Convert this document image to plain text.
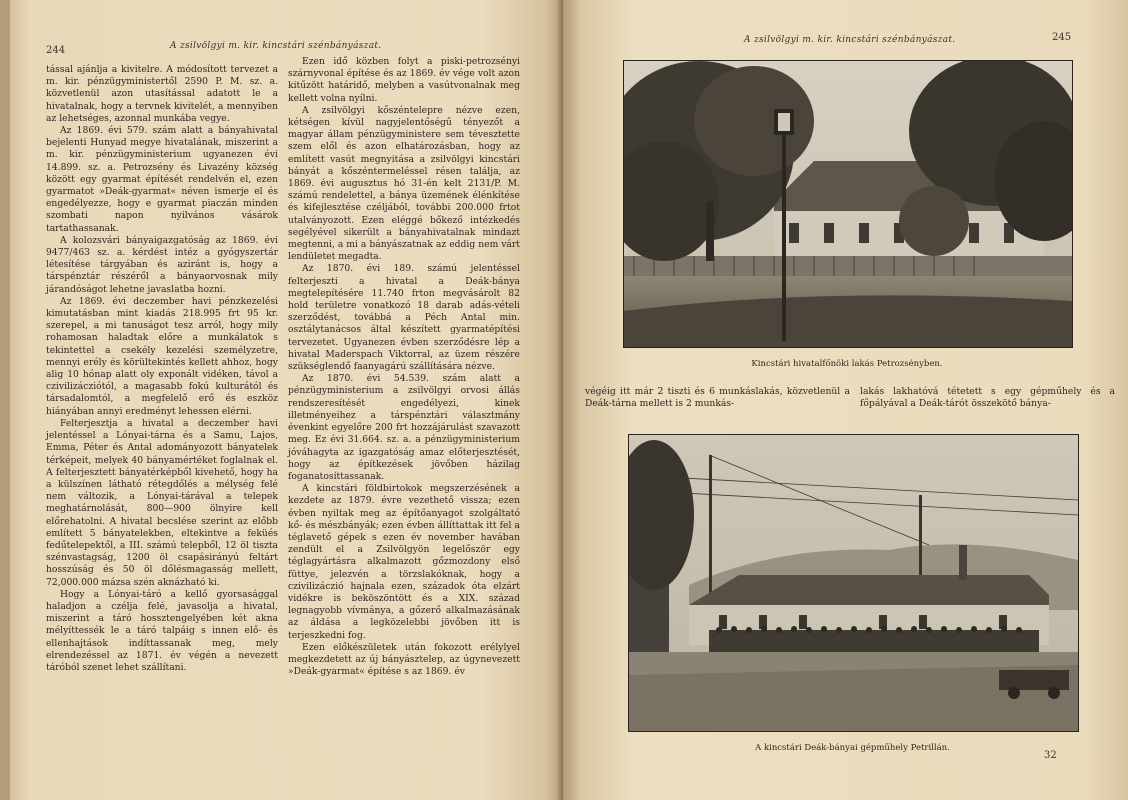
244	A zsilvölgyi m. kir. kincstári szénbányászat.

tással ajánlja a kivitelre. A módosított tervezet a m. kir. pénzügyministertől 2590 P. M. sz. a. közvetlenül azon utasítással adatott le a hivatalnak, hogy a tervnek kivitelét, a mennyiben az lehetséges, azonnal munkába vegye.

Az 1869. évi 579. szám alatt a bányahivatal bejelenti Hunyad megye hivatalának, miszerint a m. kir. pénzügyministerium ugyanezen évi 14.899. sz. a. Petrozsény és Livazény község között egy gyarmat építését rendelvén el, ezen gyarmatot »Deák-gyarmat« néven ismerje el és engedélyezze, hogy e gyarmat piaczán minden szombati napon nyilvános vásárok tartathassanak.

A kolozsvári bányaigazgatóság az 1869. évi 9477/463 sz. a. kérdést intéz a gyógyszertár létesítése tárgyában és aziránt is, hogy a társpénztár részéről a bányaorvosnak mily járandóságot lehetne javaslatba hozni.

Az 1869. évi deczember havi pénzkezelési kimutatásban mint kiadás 218.995 frt 95 kr. szerepel, a mi tanuságot tesz arról, hogy mily rohamosan haladtak előre a munkálatok s tekintettel a csekély kezelési személyzetre, mennyi erély és körültekintés kellett ahhoz, hogy alig 10 hónap alatt oly exponált vidéken, távol a czivilizácziótól, a magasabb fokú kulturától és társadalomtól, a megfelelő erő és eszköz hiányában annyi eredményt lehessen elérni.

Felterjesztja a hivatal a deczember havi jelentéssel a Lónyai-tárna és a Samu, Lajos, Emma, Péter és Antal adományozott bányatelek térképeit, melyek 40 bányamértéket foglalnak el. A felterjesztett bányatérképből kivehető, hogy ha a külszínen látható rétegdőlés a mélység felé nem változik, a Lónyai-tárával a telepek meghatárnolását, 800—900 ölnyire kell előrehatolni. A hivatal becslése szerint az előbb említett 5 bányatelekben, eltekintve a feküés fedűtelepektől, a III. számú telepből, 12 öl tiszta szénvastagság, 1200 öl csapásirányú feltárt hosszúság és 50 öl dőlésmagasság mellett, 72,000.000 mázsa szén aknázható ki.

Hogy a Lónyai-táró a kellő gyorsasággal haladjon a czélja felé, javasolja a hivatal, miszerint a táró hossztengelyében két akna mélyíttessék le a táró talpáig s innen elő- és ellenhajtások indíttassanak meg, mely elrendezéssel az 1871. év végén a nevezett táróból szenet lehet szállítani.

Ezen idő közben folyt a piski-petrozsényi szárnyvonal építése és az 1869. év vége volt azon kitűzött határidő, melyben a vasútvonalnak meg kellett volna nyílni.

A zsilvölgyi kőszéntelepre nézve ezen, kétségen kívül nagyjelentőségű tényezőt a magyar állam pénzügyministere sem tévesztette szem elől és azon elhatározásban, hogy az említett vasút megnyitása a zsilvölgyi kincstári bányát a kőszéntermeléssel résen találja, az 1869. évi augusztus hó 31-én kelt 2131/P. M. számú rendelettel, a bánya üzemének élénkítése és kifejlesztése czéljából, további 200.000 frtot utalványozott. Ezen eléggé bőkező intézkedés segélyével sikerült a bányahivatalnak mindazt megtenni, a mi a bányászatnak az eddig nem várt lendületet megadta.

Az 1870. évi 189. számú jelentéssel felterjeszti a hivatal a Deák-bánya megtelepítésére 11.740 frton megvásárolt 82 hold területre vonatkozó 18 darab adás-vételi szerződést, továbbá a Péch Antal min. osztálytanácsos által készített gyarmatépítési tervezetet. Ugyanezen évben szerződésre lép a hivatal Maderspach Viktorral, az üzem részére szükséglendő faanyagárú szállítására nézve.

Az 1870. évi 54.539. szám alatt a pénzügyministerium a zsilvölgyi orvosi állás rendszeresítését engedélyezi, kinek illetményeihez a társpénztári választmány évenkint egyelőre 200 frt hozzájárulást szavazott meg. Ez évi 31.664. sz. a. a pénzügyministerium jóváhagyta az igazgatóság amaz előterjesztését, hogy az építkezések jövőben házilag foganatosíttassanak.

A kincstári földbirtokok megszerzésének a kezdete az 1879. évre vezethető vissza; ezen évben nyiltak meg az építőanyagot szolgáltató kő- és mészbányák; ezen évben állíttattak itt fel a téglavető gépek s ezen év november havában zendült el a Zsilvölgyön legelőször egy téglagyártásra alkalmazott gőzmozdony első füttye, jelezvén a törzslakóknak, hogy a czivilizáczió hajnala ezen, századok óta elzárt vidékre is beköszöntött és a XIX. század legnagyobb vívmánya, a gőzerő alkalmazásának az áldása a legközelebbi jövőben itt is terjeszkedni fog.

Ezen előkészületek után fokozott erélylyel megkezdetett az új bányásztelep, az úgynevezett »Deák-gyarmat« építése s az 1869. év

A zsilvölgyi m. kir. kincstári szénbányászat.	245
Kincstári hivatalfőnöki lakás Petrozsényben.
végéig itt már 2 tiszti és 6 munkáslakás, közvetlenül a Deák-tárna mellett is 2 munkás-
lakás lakhatóvá tétetett s egy gépműhely és a főpályával a Deák-tárót összekötő bánya-
A kincstári Deák-bányai gépműhely Petrillán.
32
